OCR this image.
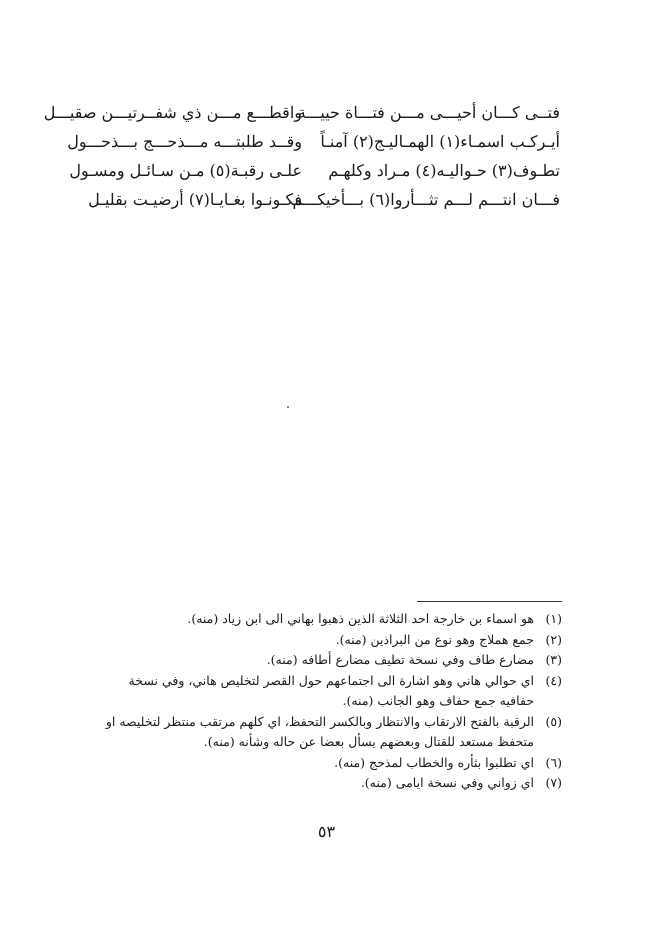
فتــى كـــان أحيـــى مـــن فتـــاة حييـــة
واقطـــع مـــن ذي شفــرتيـــن صقيـــل
أيـركـب اسمـاء(١) الهمـاليـج(٢) آمنـاً
وقــد طلبتـــه مـــذحـــج بـــذحـــول
تطـوف(٣) حـواليـه(٤) مـراد وكلهـم
علـى رقبـة(٥) مـن سـائـل ومسـول
فـــان انتـــم لـــم تثـــأروا(٦) بـــأخيكـــم
فكـونـوا بغـايـا(٧) أرضيـت بقليـل
(١)
هو اسماء بن خارجة احد الثلاثة الذين ذهبوا بهاني الى ابن زياد (منه).
(٢)
جمع هملاج وهو نوع من البراذين (منه).
(٣)
مضارع طاف وفي نسخة تطيف مضارع أطافه (منه).
(٤)
اي حوالي هاني وهو اشارة الى اجتماعهم حول القصر لتخليص هاني، وفي نسخة حفافيه جمع حفاف وهو الجانب (منه).
(٥)
الرقبة بالفتح الارتقاب والانتظار وبالكسر التحفظ، اي كلهم مرتقب منتظر لتخليصه او متحفظ مستعد للقتال وبعضهم يسأل بعضا عن حاله وشأنه (منه).
(٦)
اي تطلبوا بثأره والخطاب لمذحج (منه).
(٧)
اي زواني وفي نسخة ايامى (منه).
٥٣
